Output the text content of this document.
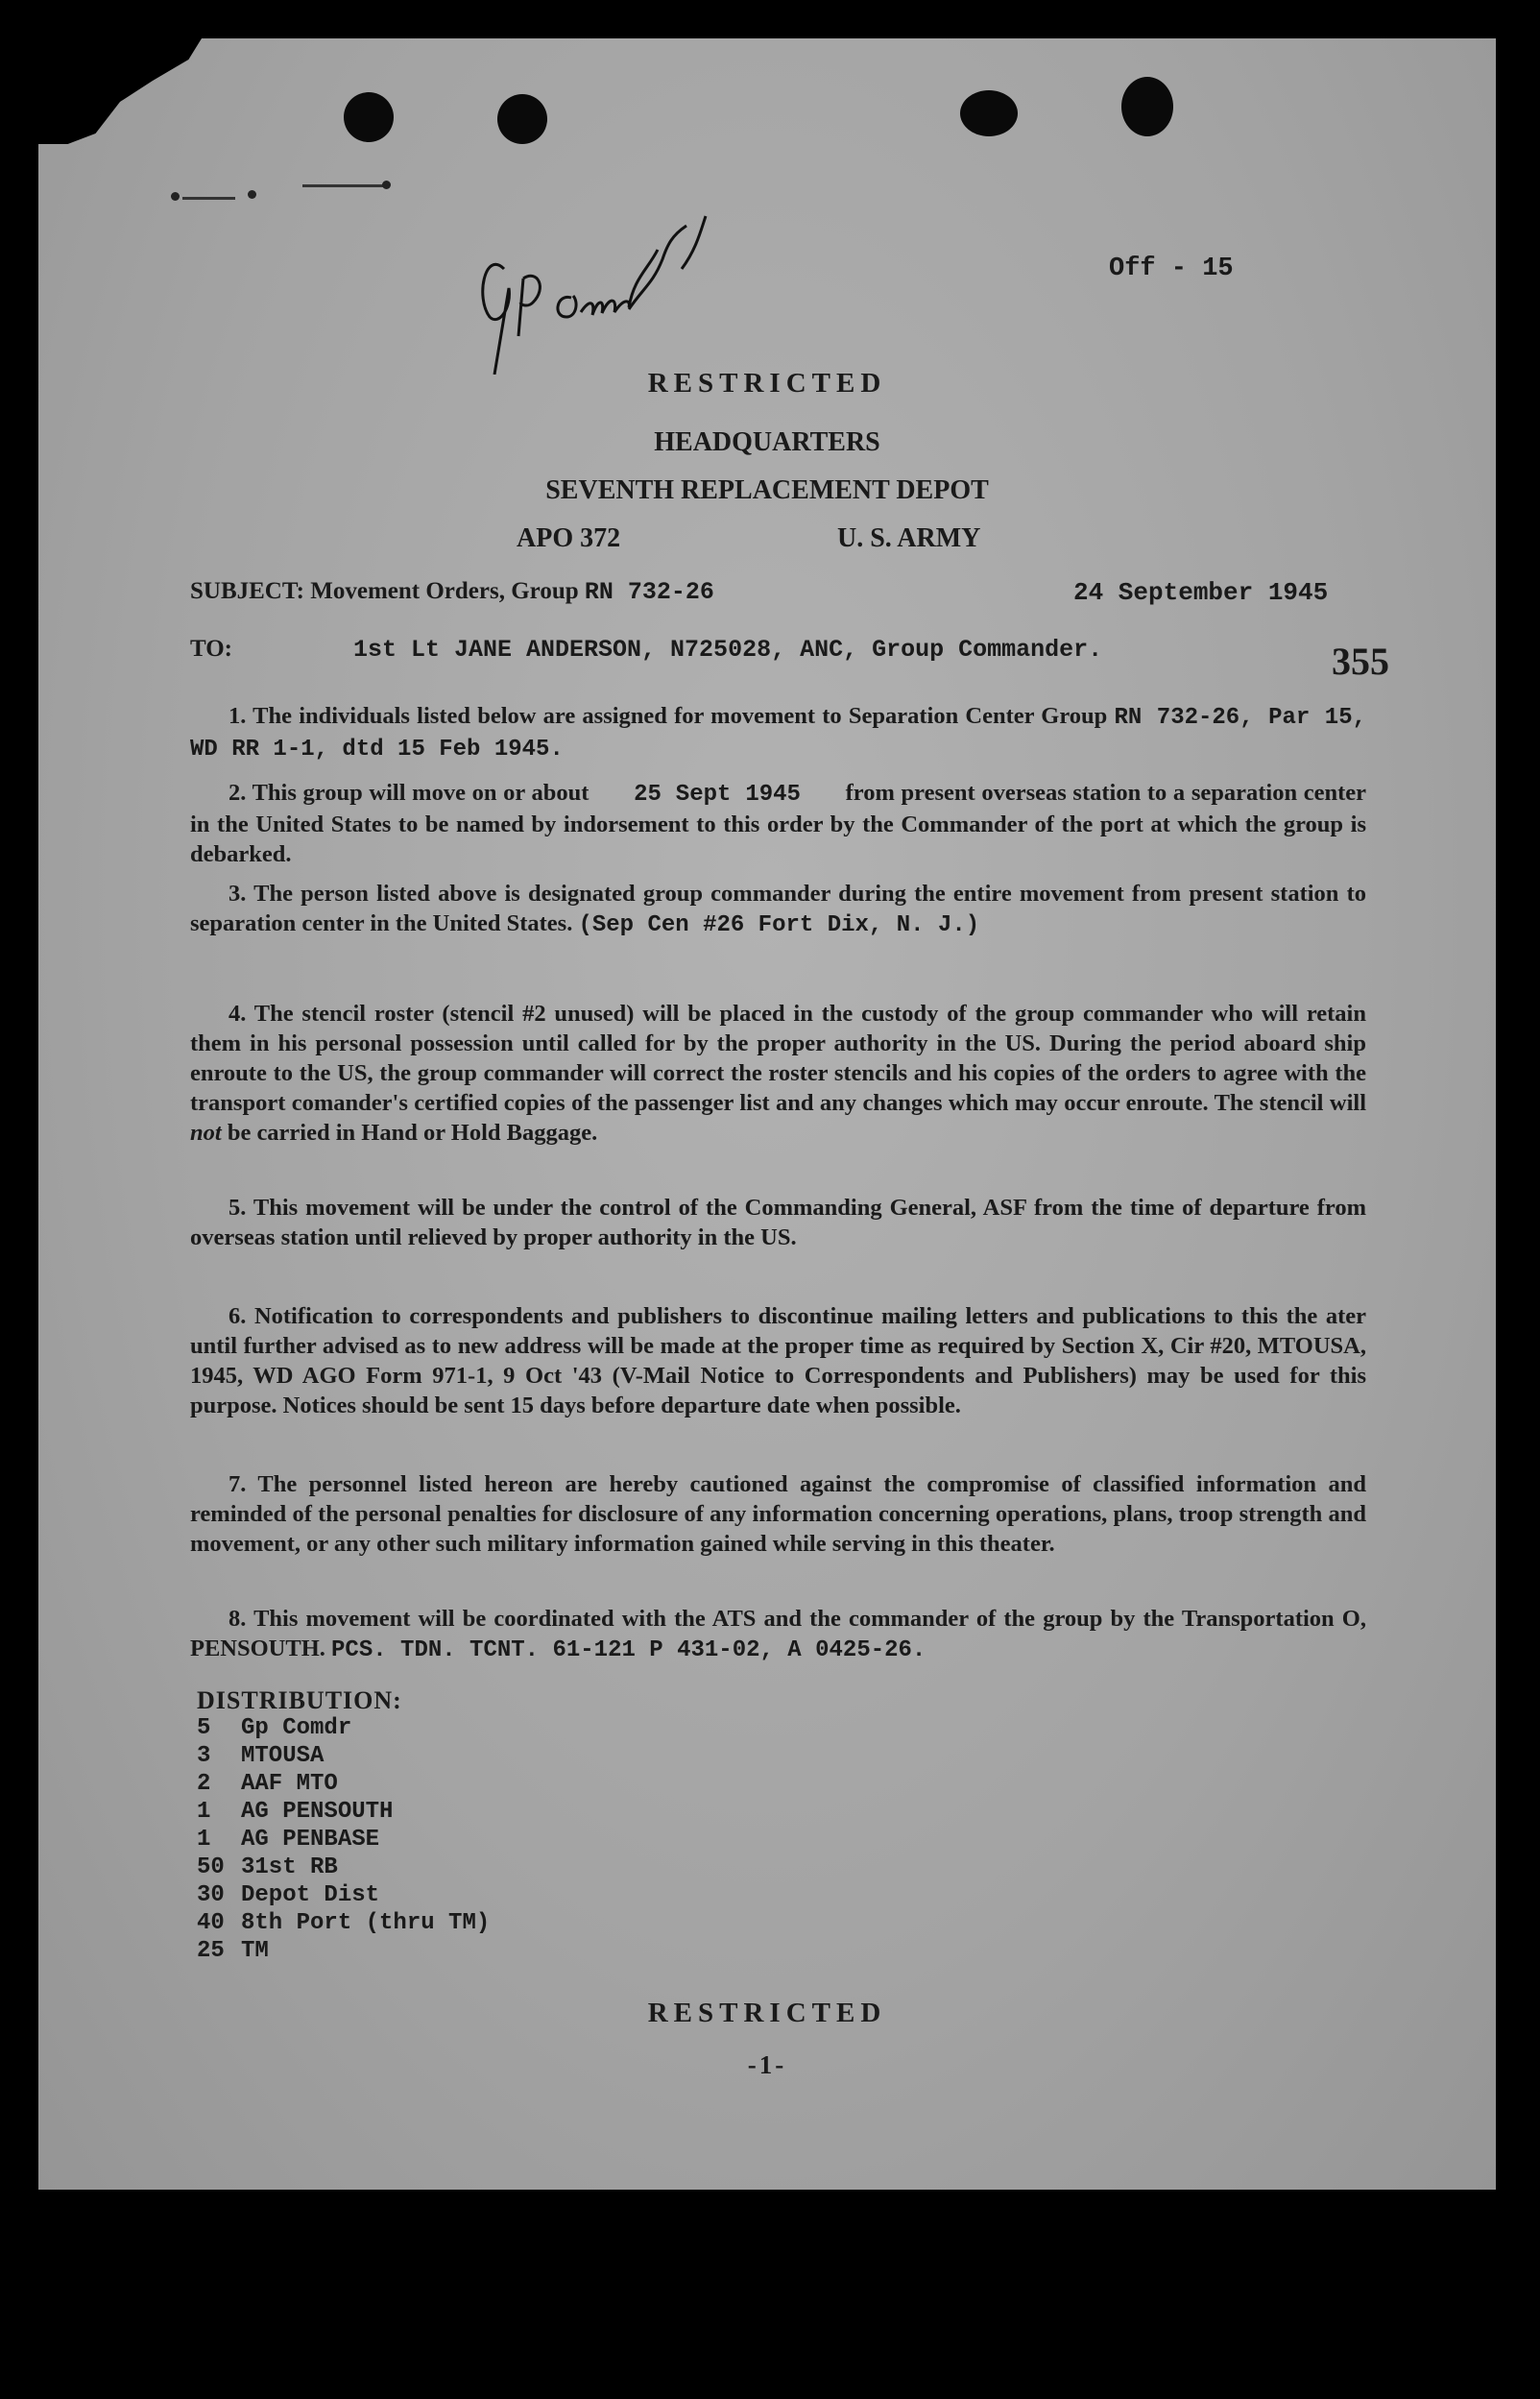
Off - 15
RESTRICTED
HEADQUARTERS
SEVENTH REPLACEMENT DEPOT
APO 372	U. S. ARMY
SUBJECT: Movement Orders, Group RN 732-26	24 September 1945
TO:	1st Lt JANE ANDERSON, N725028, ANC, Group Commander.	355

1. The individuals listed below are assigned for movement to Separation Center Group RN 732-26, Par 15, WD RR 1-1, dtd 15 Feb 1945.

2. This group will move on or about 25 Sept 1945 from present overseas station to a separation center in the United States to be named by indorsement to this order by the Commander of the port at which the group is debarked.

3. The person listed above is designated group commander during the entire movement from present station to separation center in the United States. (Sep Cen #26 Fort Dix, N. J.)

4. The stencil roster (stencil #2 unused) will be placed in the custody of the group commander who will retain them in his personal possession until called for by the proper authority in the US. During the period aboard ship enroute to the US, the group commander will correct the roster stencils and his copies of the orders to agree with the transport comander's certified copies of the passenger list and any changes which may occur enroute. The stencil will not be carried in Hand or Hold Baggage.

5. This movement will be under the control of the Commanding General, ASF from the time of departure from overseas station until relieved by proper authority in the US.

6. Notification to correspondents and publishers to discontinue mailing letters and publications to this the ater until further advised as to new address will be made at the proper time as required by Section X, Cir #20, MTOUSA, 1945, WD AGO Form 971-1, 9 Oct '43 (V-Mail Notice to Correspondents and Publishers) may be used for this purpose. Notices should be sent 15 days before departure date when possible.

7. The personnel listed hereon are hereby cautioned against the compromise of classified information and reminded of the personal penalties for disclosure of any information concerning operations, plans, troop strength and movement, or any other such military information gained while serving in this theater.

8. This movement will be coordinated with the ATS and the commander of the group by the Transportation O, PENSOUTH. PCS. TDN. TCNT. 61-121 P 431-02, A 0425-26.

DISTRIBUTION:
5 Gp Comdr
3 MTOUSA
2 AAF MTO
1 AG PENSOUTH
1 AG PENBASE
50 31st RB
30 Depot Dist
40 8th Port (thru TM)
25 TM
RESTRICTED
-1-
